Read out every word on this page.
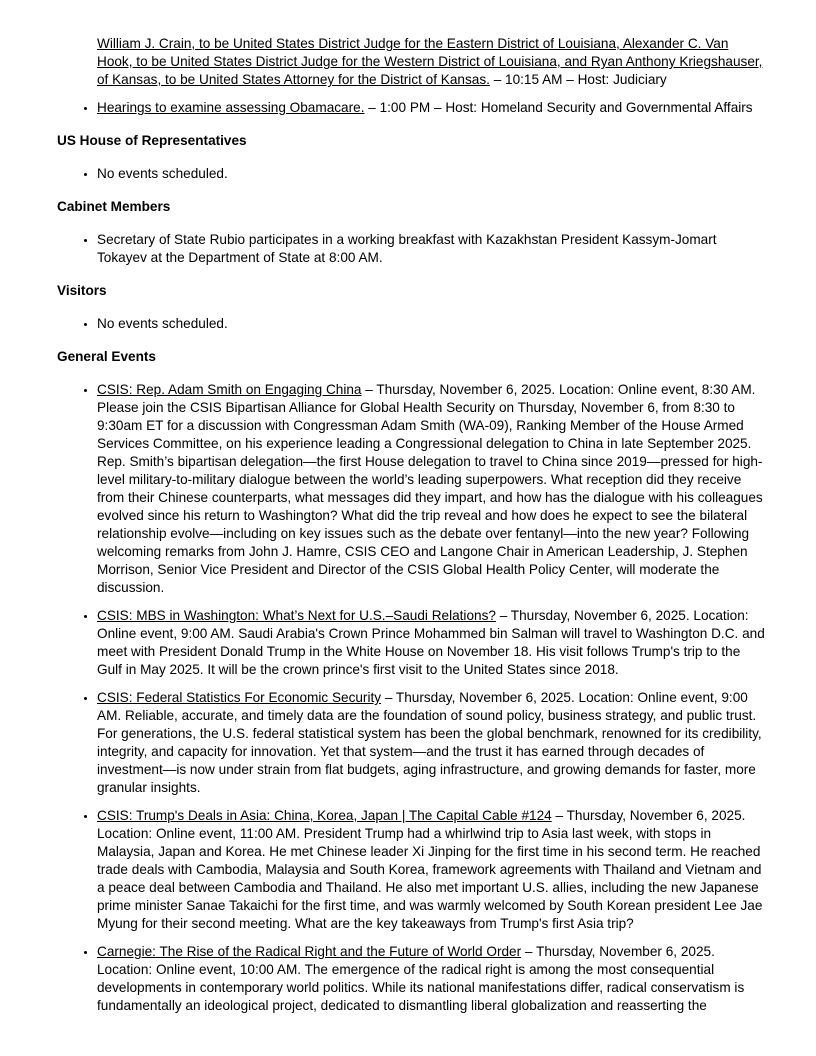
William J. Crain, to be United States District Judge for the Eastern District of Louisiana, Alexander C. Van Hook, to be United States District Judge for the Western District of Louisiana, and Ryan Anthony Kriegshauser, of Kansas, to be United States Attorney for the District of Kansas. – 10:15 AM – Host: Judiciary
• Hearings to examine assessing Obamacare. – 1:00 PM – Host: Homeland Security and Governmental Affairs
US House of Representatives
• No events scheduled.
Cabinet Members
• Secretary of State Rubio participates in a working breakfast with Kazakhstan President Kassym-Jomart Tokayev at the Department of State at 8:00 AM.
Visitors
• No events scheduled.
General Events
• CSIS: Rep. Adam Smith on Engaging China – Thursday, November 6, 2025. Location: Online event, 8:30 AM. Please join the CSIS Bipartisan Alliance for Global Health Security on Thursday, November 6, from 8:30 to 9:30am ET for a discussion with Congressman Adam Smith (WA-09), Ranking Member of the House Armed Services Committee, on his experience leading a Congressional delegation to China in late September 2025. Rep. Smith’s bipartisan delegation—the first House delegation to travel to China since 2019—pressed for high-level military-to-military dialogue between the world’s leading superpowers. What reception did they receive from their Chinese counterparts, what messages did they impart, and how has the dialogue with his colleagues evolved since his return to Washington? What did the trip reveal and how does he expect to see the bilateral relationship evolve—including on key issues such as the debate over fentanyl—into the new year? Following welcoming remarks from John J. Hamre, CSIS CEO and Langone Chair in American Leadership, J. Stephen Morrison, Senior Vice President and Director of the CSIS Global Health Policy Center, will moderate the discussion.
• CSIS: MBS in Washington: What’s Next for U.S.–Saudi Relations? – Thursday, November 6, 2025. Location: Online event, 9:00 AM. Saudi Arabia's Crown Prince Mohammed bin Salman will travel to Washington D.C. and meet with President Donald Trump in the White House on November 18. His visit follows Trump's trip to the Gulf in May 2025. It will be the crown prince's first visit to the United States since 2018.
• CSIS: Federal Statistics For Economic Security – Thursday, November 6, 2025. Location: Online event, 9:00 AM. Reliable, accurate, and timely data are the foundation of sound policy, business strategy, and public trust. For generations, the U.S. federal statistical system has been the global benchmark, renowned for its credibility, integrity, and capacity for innovation. Yet that system—and the trust it has earned through decades of investment—is now under strain from flat budgets, aging infrastructure, and growing demands for faster, more granular insights.
• CSIS: Trump's Deals in Asia: China, Korea, Japan | The Capital Cable #124 – Thursday, November 6, 2025. Location: Online event, 11:00 AM. President Trump had a whirlwind trip to Asia last week, with stops in Malaysia, Japan and Korea. He met Chinese leader Xi Jinping for the first time in his second term. He reached trade deals with Cambodia, Malaysia and South Korea, framework agreements with Thailand and Vietnam and a peace deal between Cambodia and Thailand. He also met important U.S. allies, including the new Japanese prime minister Sanae Takaichi for the first time, and was warmly welcomed by South Korean president Lee Jae Myung for their second meeting. What are the key takeaways from Trump's first Asia trip?
• Carnegie: The Rise of the Radical Right and the Future of World Order – Thursday, November 6, 2025. Location: Online event, 10:00 AM. The emergence of the radical right is among the most consequential developments in contemporary world politics. While its national manifestations differ, radical conservatism is fundamentally an ideological project, dedicated to dismantling liberal globalization and reasserting the
